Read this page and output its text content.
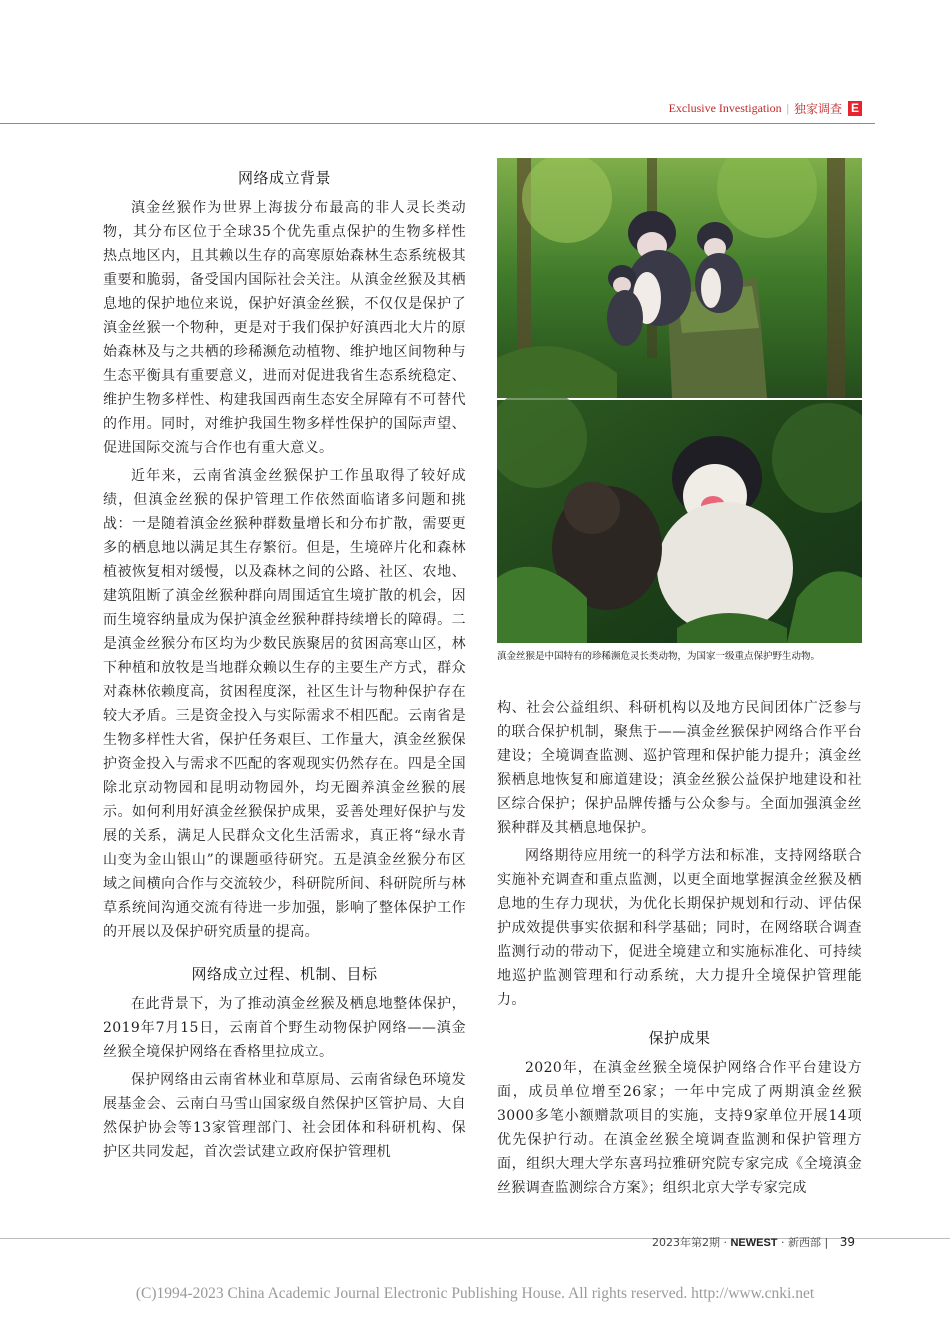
Exclusive Investigation | 独家调查 E
网络成立背景
滇金丝猴作为世界上海拔分布最高的非人灵长类动物，其分布区位于全球35个优先重点保护的生物多样性热点地区内，且其赖以生存的高寒原始森林生态系统极其重要和脆弱，备受国内国际社会关注。从滇金丝猴及其栖息地的保护地位来说，保护好滇金丝猴，不仅仅是保护了滇金丝猴一个物种，更是对于我们保护好滇西北大片的原始森林及与之共栖的珍稀濒危动植物、维护地区间物种与生态平衡具有重要意义，进而对促进我省生态系统稳定、维护生物多样性、构建我国西南生态安全屏障有不可替代的作用。同时，对维护我国生物多样性保护的国际声望、促进国际交流与合作也有重大意义。
近年来，云南省滇金丝猴保护工作虽取得了较好成绩，但滇金丝猴的保护管理工作依然面临诸多问题和挑战：一是随着滇金丝猴种群数量增长和分布扩散，需要更多的栖息地以满足其生存繁衍。但是，生境碎片化和森林植被恢复相对缓慢，以及森林之间的公路、社区、农地、建筑阻断了滇金丝猴种群向周围适宜生境扩散的机会，因而生境容纳量成为保护滇金丝猴种群持续增长的障碍。二是滇金丝猴分布区均为少数民族聚居的贫困高寒山区，林下种植和放牧是当地群众赖以生存的主要生产方式，群众对森林依赖度高，贫困程度深，社区生计与物种保护存在较大矛盾。三是资金投入与实际需求不相匹配。云南省是生物多样性大省，保护任务艰巨、工作量大，滇金丝猴保护资金投入与需求不匹配的客观现实仍然存在。四是全国除北京动物园和昆明动物园外，均无圈养滇金丝猴的展示。如何利用好滇金丝猴保护成果，妥善处理好保护与发展的关系，满足人民群众文化生活需求，真正将“绿水青山变为金山银山”的课题亟待研究。五是滇金丝猴分布区域之间横向合作与交流较少，科研院所间、科研院所与林草系统间沟通交流有待进一步加强，影响了整体保护工作的开展以及保护研究质量的提高。
网络成立过程、机制、目标
在此背景下，为了推动滇金丝猴及栖息地整体保护，2019年7月15日，云南首个野生动物保护网络——滇金丝猴全境保护网络在香格里拉成立。
保护网络由云南省林业和草原局、云南省绿色环境发展基金会、云南白马雪山国家级自然保护区管护局、大自然保护协会等13家管理部门、社会团体和科研机构、保护区共同发起，首次尝试建立政府保护管理机
滇金丝猴是中国特有的珍稀濒危灵长类动物，为国家一级重点保护野生动物。
构、社会公益组织、科研机构以及地方民间团体广泛参与的联合保护机制，聚焦于——滇金丝猴保护网络合作平台建设；全境调查监测、巡护管理和保护能力提升；滇金丝猴栖息地恢复和廊道建设；滇金丝猴公益保护地建设和社区综合保护；保护品牌传播与公众参与。全面加强滇金丝猴种群及其栖息地保护。
网络期待应用统一的科学方法和标准，支持网络联合实施补充调查和重点监测，以更全面地掌握滇金丝猴及栖息地的生存力现状，为优化长期保护规划和行动、评估保护成效提供事实依据和科学基础；同时，在网络联合调查监测行动的带动下，促进全境建立和实施标准化、可持续地巡护监测管理和行动系统，大力提升全境保护管理能力。
保护成果
2020年，在滇金丝猴全境保护网络合作平台建设方面，成员单位增至26家；一年中完成了两期滇金丝猴3000多笔小额赠款项目的实施，支持9家单位开展14项优先保护行动。在滇金丝猴全境调查监测和保护管理方面，组织大理大学东喜玛拉雅研究院专家完成《全境滇金丝猴调查监测综合方案》；组织北京大学专家完成
2023年第2期 · NEWEST · 新西部 | 39
(C)1994-2023 China Academic Journal Electronic Publishing House. All rights reserved. http://www.cnki.net
